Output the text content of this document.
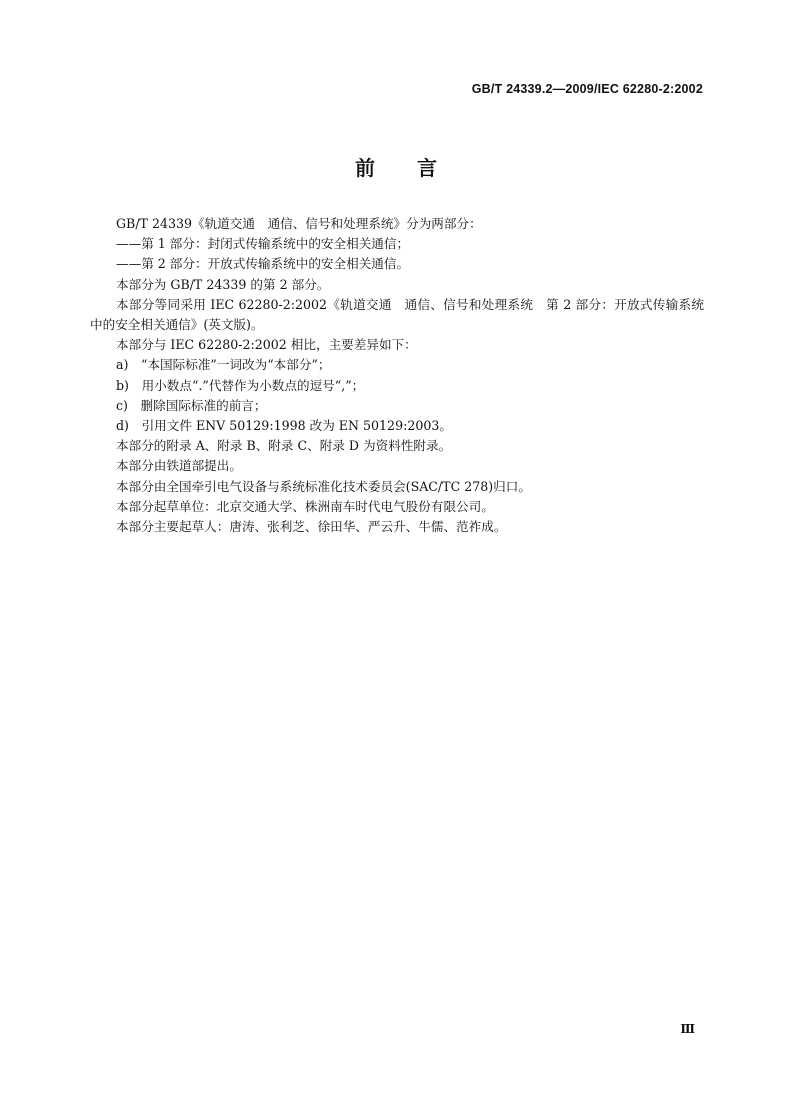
GB/T 24339.2—2009/IEC 62280-2:2002
前言

GB/T 24339《轨道交通　通信、信号和处理系统》分为两部分：

——第 1 部分：封闭式传输系统中的安全相关通信；

——第 2 部分：开放式传输系统中的安全相关通信。

本部分为 GB/T 24339 的第 2 部分。

本部分等同采用 IEC 62280-2:2002《轨道交通　通信、信号和处理系统　第 2 部分：开放式传输系统中的安全相关通信》(英文版)。

本部分与 IEC 62280-2:2002 相比，主要差异如下：

a)　“本国际标准”一词改为“本部分”；

b)　用小数点“.”代替作为小数点的逗号“,”；

c)　删除国际标准的前言；

d)　引用文件 ENV 50129:1998 改为 EN 50129:2003。

本部分的附录 A、附录 B、附录 C、附录 D 为资料性附录。

本部分由铁道部提出。

本部分由全国牵引电气设备与系统标准化技术委员会(SAC/TC 278)归口。

本部分起草单位：北京交通大学、株洲南车时代电气股份有限公司。

本部分主要起草人：唐涛、张利芝、徐田华、严云升、牛儒、范祚成。

Ⅲ
